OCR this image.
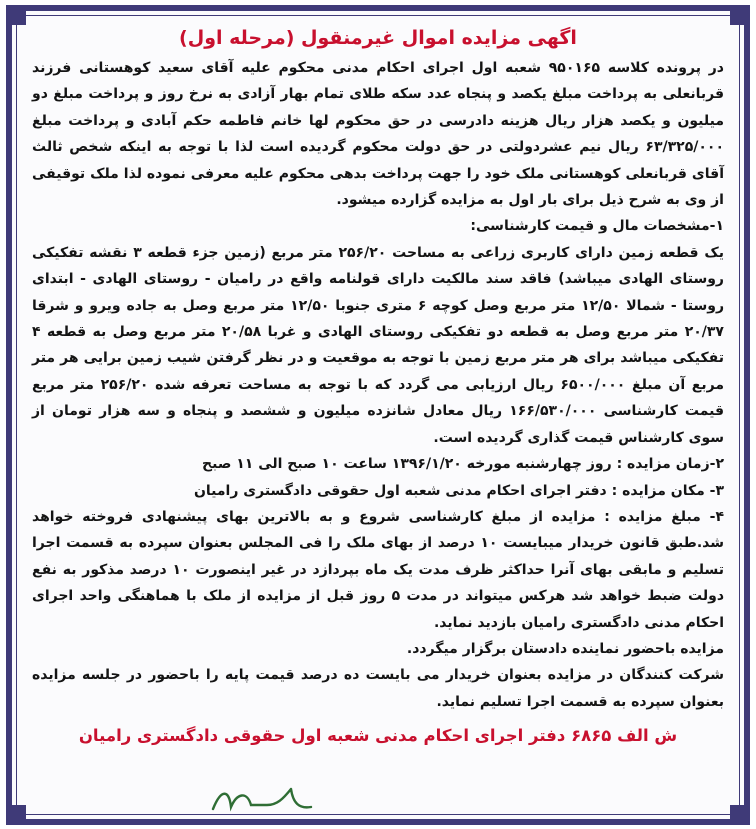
اگهی مزایده اموال غیرمنقول (مرحله اول)

در پرونده کلاسه ۹۵۰۱۶۵ شعبه اول اجرای احکام مدنی محکوم علیه آقای سعید کوهستانی فرزند قربانعلی به پرداخت مبلغ یکصد و پنجاه عدد سکه طلای تمام بهار آزادی به نرخ روز و پرداخت مبلغ دو میلیون و یکصد هزار ریال هزینه دادرسی در حق محکوم لها خانم فاطمه حکم آبادی و پرداخت مبلغ ۶۳/۳۲۵/۰۰۰ ریال نیم عشردولتی در حق دولت محکوم گردیده است لذا با توجه به اینکه شخص ثالث آقای قربانعلی کوهستانی ملک خود را جهت پرداخت بدهی محکوم علیه معرفی نموده لذا ملک توقیفی از وی به شرح ذیل برای بار اول به مزایده گزارده میشود.

۱-مشخصات مال و قیمت کارشناسی:

یک قطعه زمین دارای کاربری زراعی به مساحت ۲۵۶/۲۰ متر مربع (زمین جزء قطعه ۳ نقشه تفکیکی روستای الهادی میباشد) فاقد سند مالکیت دارای قولنامه واقع در رامیان - روستای الهادی - ابتدای روستا - شمالا ۱۲/۵۰ متر مربع وصل کوچه ۶ متری جنوبا ۱۲/۵۰ متر مربع وصل به جاده ویرو و شرقا ۲۰/۳۷ متر مربع وصل به قطعه دو تفکیکی روستای الهادی و غربا ۲۰/۵۸ متر مربع وصل به قطعه ۴ تفکیکی میباشد برای هر متر مربع زمین با توجه به موقعیت و در نظر گرفتن شیب زمین برایی هر متر مربع آن مبلغ ۶۵۰۰/۰۰۰ ریال ارزیابی می گردد که با توجه به مساحت تعرفه شده ۲۵۶/۲۰ متر مربع قیمت کارشناسی ۱۶۶/۵۳۰/۰۰۰ ریال معادل شانزده میلیون و ششصد و پنجاه و سه هزار تومان از سوی کارشناس قیمت گذاری گردیده است.

۲-زمان مزایده : روز چهارشنبه مورخه ۱۳۹۶/۱/۲۰ ساعت ۱۰ صبح الی ۱۱ صبح

۳- مکان مزایده : دفتر اجرای احکام مدنی شعبه اول حقوقی دادگستری رامیان

۴- مبلغ مزایده : مزایده از مبلغ کارشناسی شروع و به بالاترین بهای پیشنهادی فروخته خواهد شد.طبق قانون خریدار میبایست ۱۰ درصد از بهای ملک را فی المجلس بعنوان سپرده به قسمت اجرا تسلیم و مابقی بهای آنرا حداکثر ظرف مدت یک ماه بپردازد در غیر اینصورت ۱۰ درصد مذکور به نفع دولت ضبط خواهد شد هرکس میتواند در مدت ۵ روز قبل از مزایده از ملک با هماهنگی واحد اجرای احکام مدنی دادگستری رامیان بازدید نماید.

مزایده باحضور نماینده دادستان برگزار میگردد.

شرکت کنندگان در مزایده بعنوان خریدار می بایست ده درصد قیمت پایه را باحضور در جلسه مزایده بعنوان سپرده به قسمت اجرا تسلیم نماید.

ش الف ۶۸۶۵ دفتر اجرای احکام مدنی شعبه اول حقوقی دادگستری رامیان
